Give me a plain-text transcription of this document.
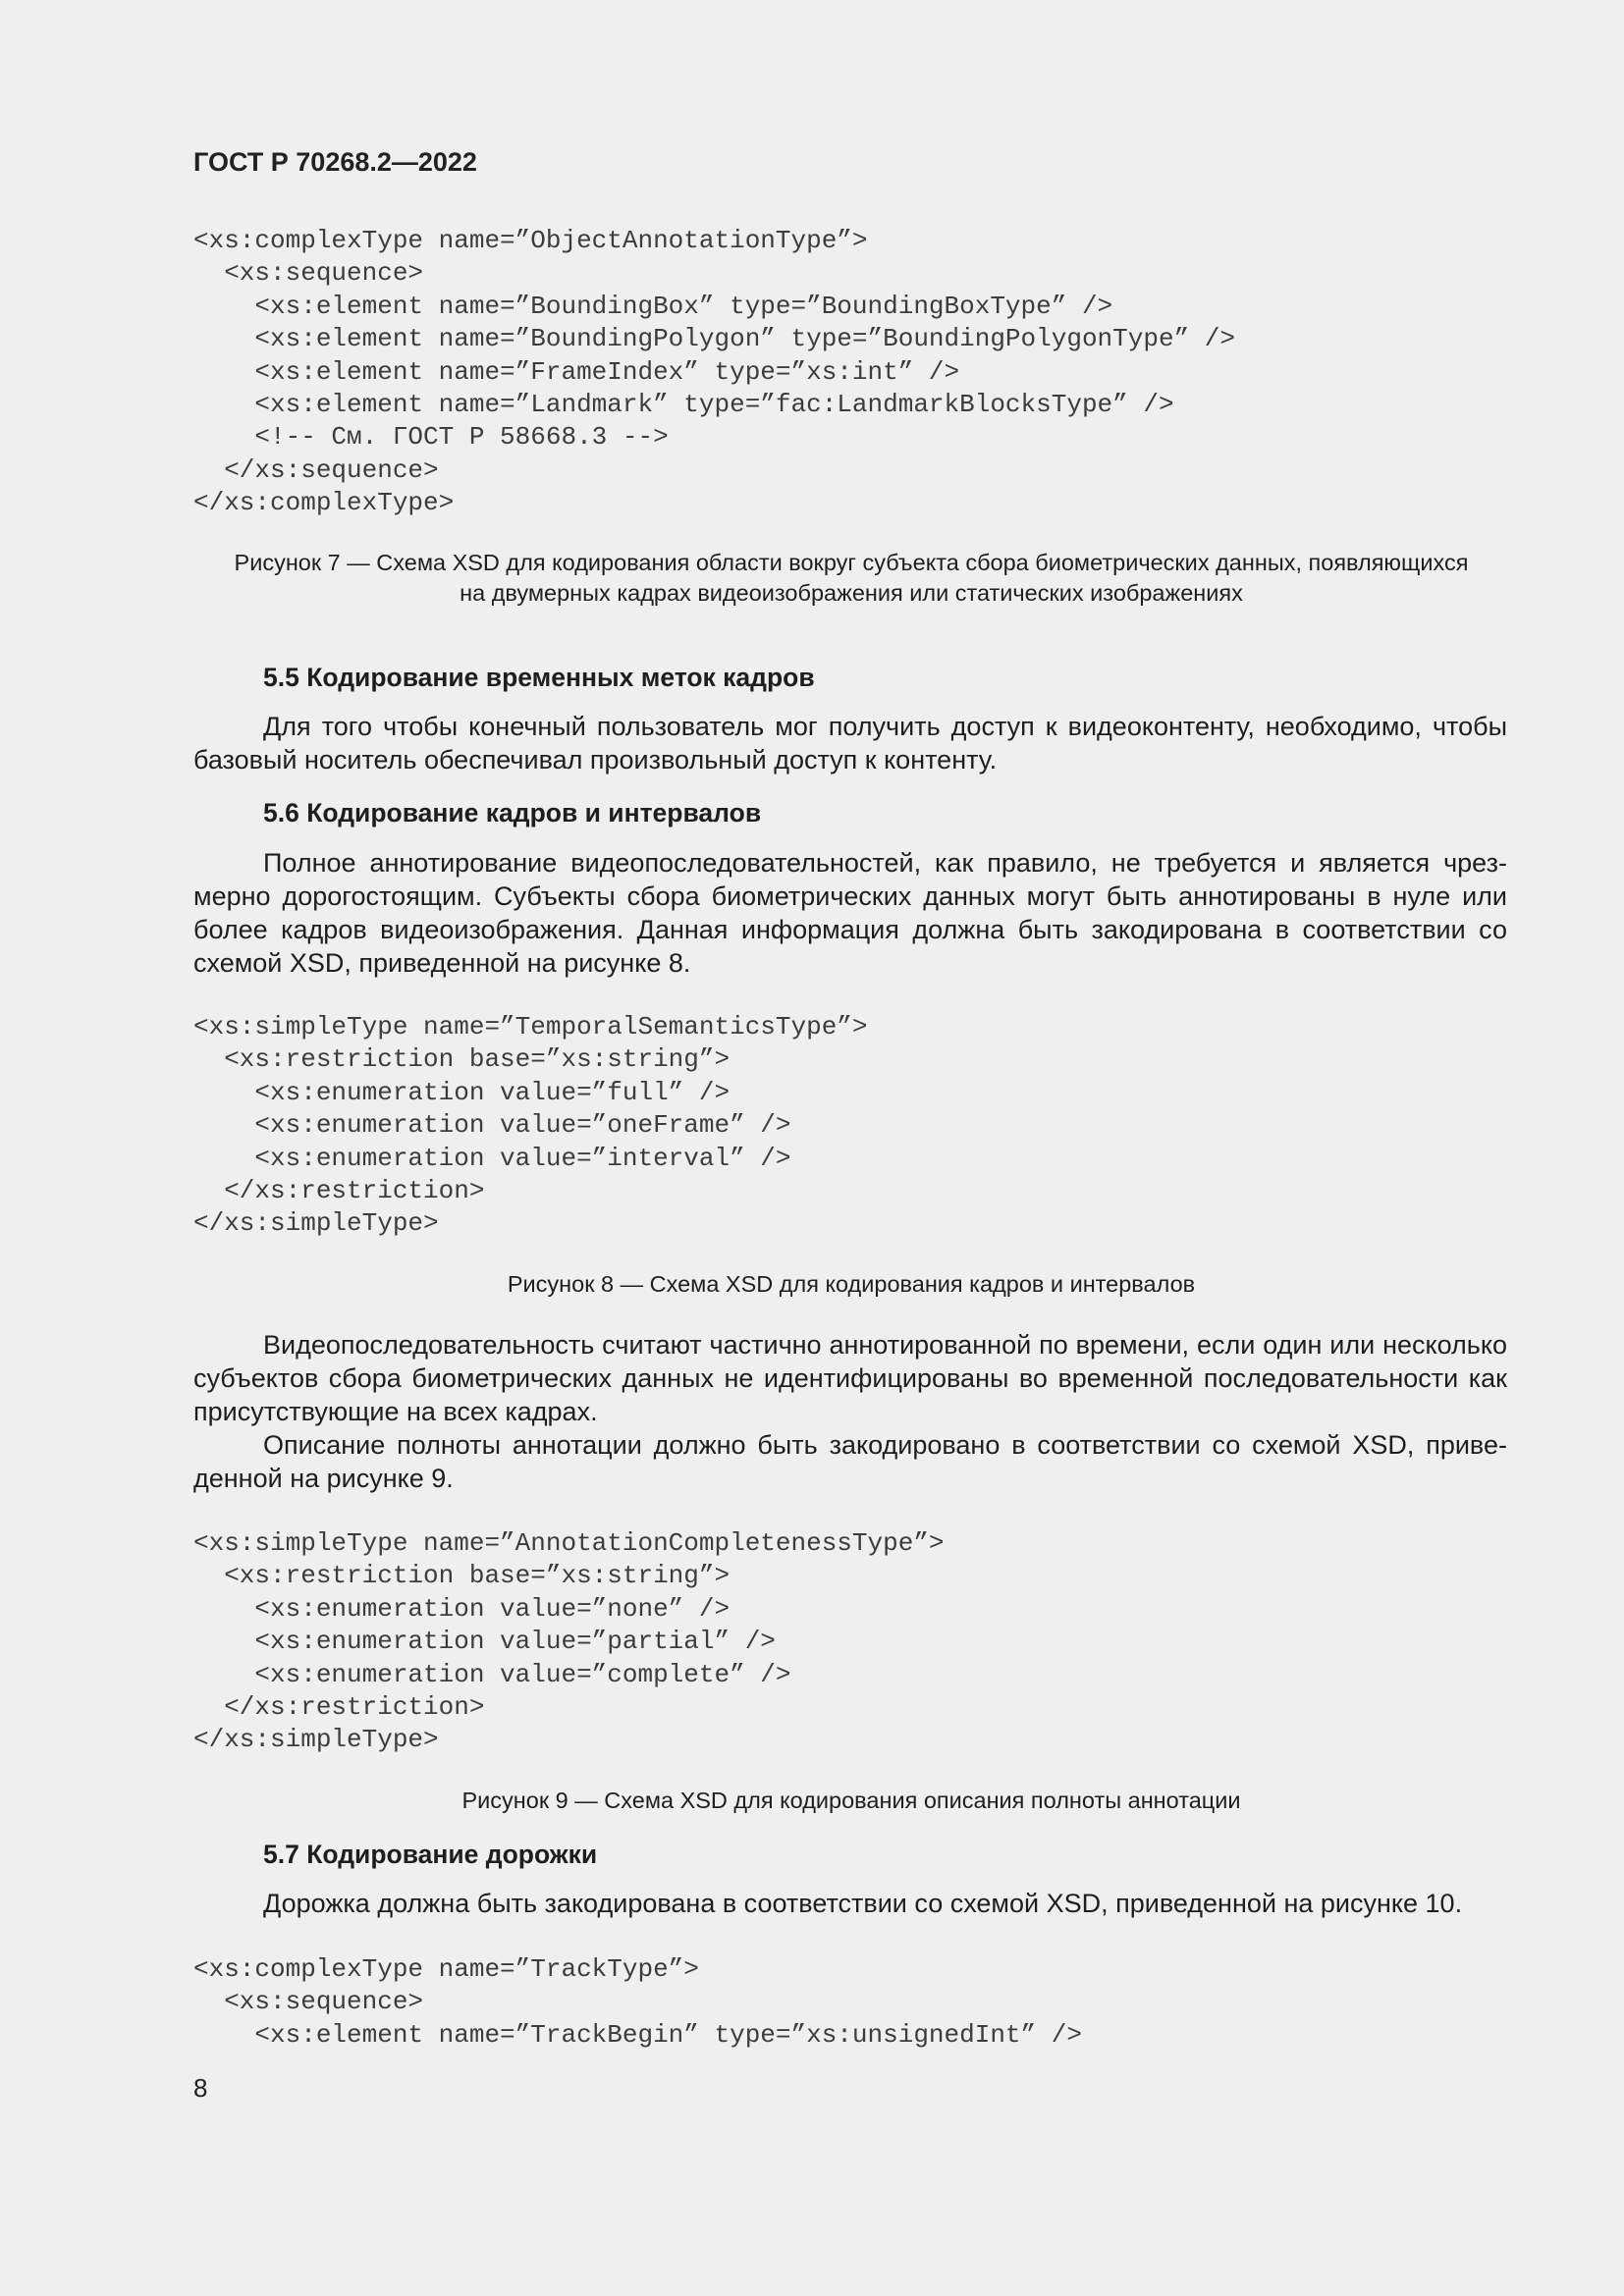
ГОСТ Р 70268.2—2022
<xs:complexType name=”ObjectAnnotationType”>
<xs:sequence>
<xs:element name=”BoundingBox” type=”BoundingBoxType” />
<xs:element name=”BoundingPolygon” type=”BoundingPolygonType” />
<xs:element name=”FrameIndex” type=”xs:int” />
<xs:element name=”Landmark” type=”fac:LandmarkBlocksType” />
<!-- См. ГОСТ Р 58668.3 -->
</xs:sequence>
</xs:complexType>
Рисунок 7 — Схема XSD для кодирования области вокруг субъекта сбора биометрических данных, появляющихся
на двумерных кадрах видеоизображения или статических изображениях
5.5 Кодирование временных меток кадров

Для того чтобы конечный пользователь мог получить доступ к видеоконтенту, необходимо, чтобы базовый носитель обеспечивал произвольный доступ к контенту.

5.6 Кодирование кадров и интервалов

Полное аннотирование видеопоследовательностей, как правило, не требуется и является чрезмерно дорогостоящим. Субъекты сбора биометрических данных могут быть аннотированы в нуле или более кадров видеоизображения. Данная информация должна быть закодирована в соответствии со схемой XSD, приведенной на рисунке 8.

<xs:simpleType name=”TemporalSemanticsType”>
<xs:restriction base=”xs:string”>
<xs:enumeration value=”full” />
<xs:enumeration value=”oneFrame” />
<xs:enumeration value=”interval” />
</xs:restriction>
</xs:simpleType>
Рисунок 8 — Схема XSD для кодирования кадров и интервалов

Видеопоследовательность считают частично аннотированной по времени, если один или несколько субъектов сбора биометрических данных не идентифицированы во временной последовательности как присутствующие на всех кадрах.

Описание полноты аннотации должно быть закодировано в соответствии со схемой XSD, приведенной на рисунке 9.

<xs:simpleType name=”AnnotationCompletenessType”>
<xs:restriction base=”xs:string”>
<xs:enumeration value=”none” />
<xs:enumeration value=”partial” />
<xs:enumeration value=”complete” />
</xs:restriction>
</xs:simpleType>
Рисунок 9 — Схема XSD для кодирования описания полноты аннотации
5.7 Кодирование дорожки

Дорожка должна быть закодирована в соответствии со схемой XSD, приведенной на рисунке 10.

<xs:complexType name=”TrackType”>
<xs:sequence>
<xs:element name=”TrackBegin” type=”xs:unsignedInt” />
8
